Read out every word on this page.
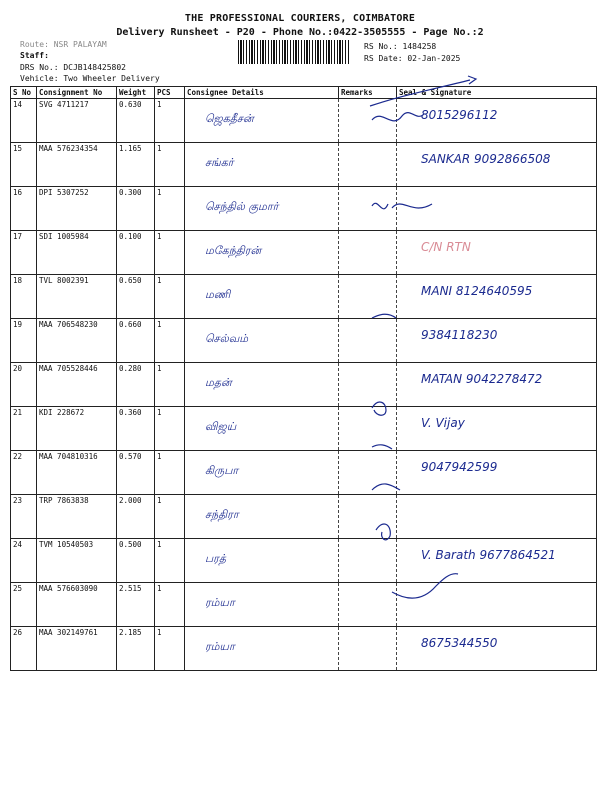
THE PROFESSIONAL COURIERS, COIMBATORE
Delivery Runsheet - P20 - Phone No.:0422-3505555 - Page No.:2
Route: NSR PALAYAM
Staff:
DRS No.: DCJB148425802
Vehicle: Two Wheeler Delivery
RS No.: 1484258
RS Date: 02-Jan-2025
S No	Consignment No	Weight	PCS	Consignee Details	Remarks	Seal & Signature
14	SVG 4711217	0.630	1	ஜெகதீசன்		8015296112

15	MAA 576234354	1.165	1	சங்கர்		SANKAR 9092866508

16	DPI 5307252	0.300	1	செந்தில் குமார்		

17	SDI 1005984	0.100	1	மகேந்திரன்		C/N RTN

18	TVL 8002391	0.650	1	மணி		MANI 8124640595

19	MAA 706548230	0.660	1	செல்வம்		9384118230

20	MAA 705528446	0.280	1	மதன்		MATAN 9042278472

21	KDI 228672	0.360	1	விஜய்		V. Vijay

22	MAA 704810316	0.570	1	கிருபா		9047942599

23	TRP 7863838	2.000	1	சந்திரா		

24	TVM 10540503	0.500	1	பரத்		V. Barath 9677864521

25	MAA 576603090	2.515	1	ரம்யா		

26	MAA 302149761	2.185	1	ரம்யா		8675344550
